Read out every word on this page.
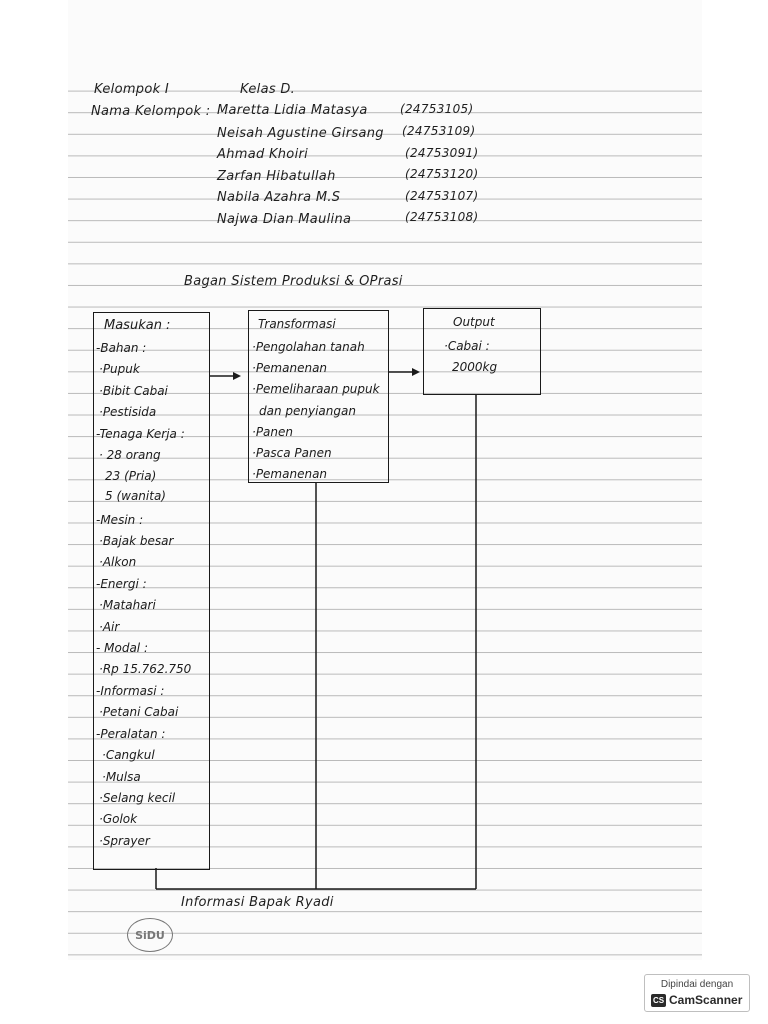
Kelompok I	Kelas D.
Nama Kelompok : Maretta Lidia Matasya	(24753105)
Neisah Agustine Girsang (24753109)
Ahmad Khoiri	(24753091)
Zarfan Hibatullah	(24753120)
Nabila Azahra M.S	(24753107)
Najwa Dian Maulina	(24753108)
Bagan Sistem Produksi & OPrasi
Masukan :
-Bahan :
·Pupuk
·Bibit Cabai
·Pestisida
-Tenaga Kerja :
· 28 orang
23 (Pria)
5 (wanita)
-Mesin :
·Bajak besar
·Alkon
-Energi :
·Matahari
·Air
- Modal :
·Rp 15.762.750
-Informasi :
·Petani Cabai
-Peralatan :
·Cangkul
·Mulsa
·Selang kecil
·Golok
·Sprayer
Transformasi
·Pengolahan tanah
·Pemanenan
·Pemeliharaan pupuk
dan penyiangan
·Panen
·Pasca Panen
·Pemanenan
Output
·Cabai :
2000kg
Informasi Bapak Ryadi
SiDU
Dipindai dengan
CS CamScanner
